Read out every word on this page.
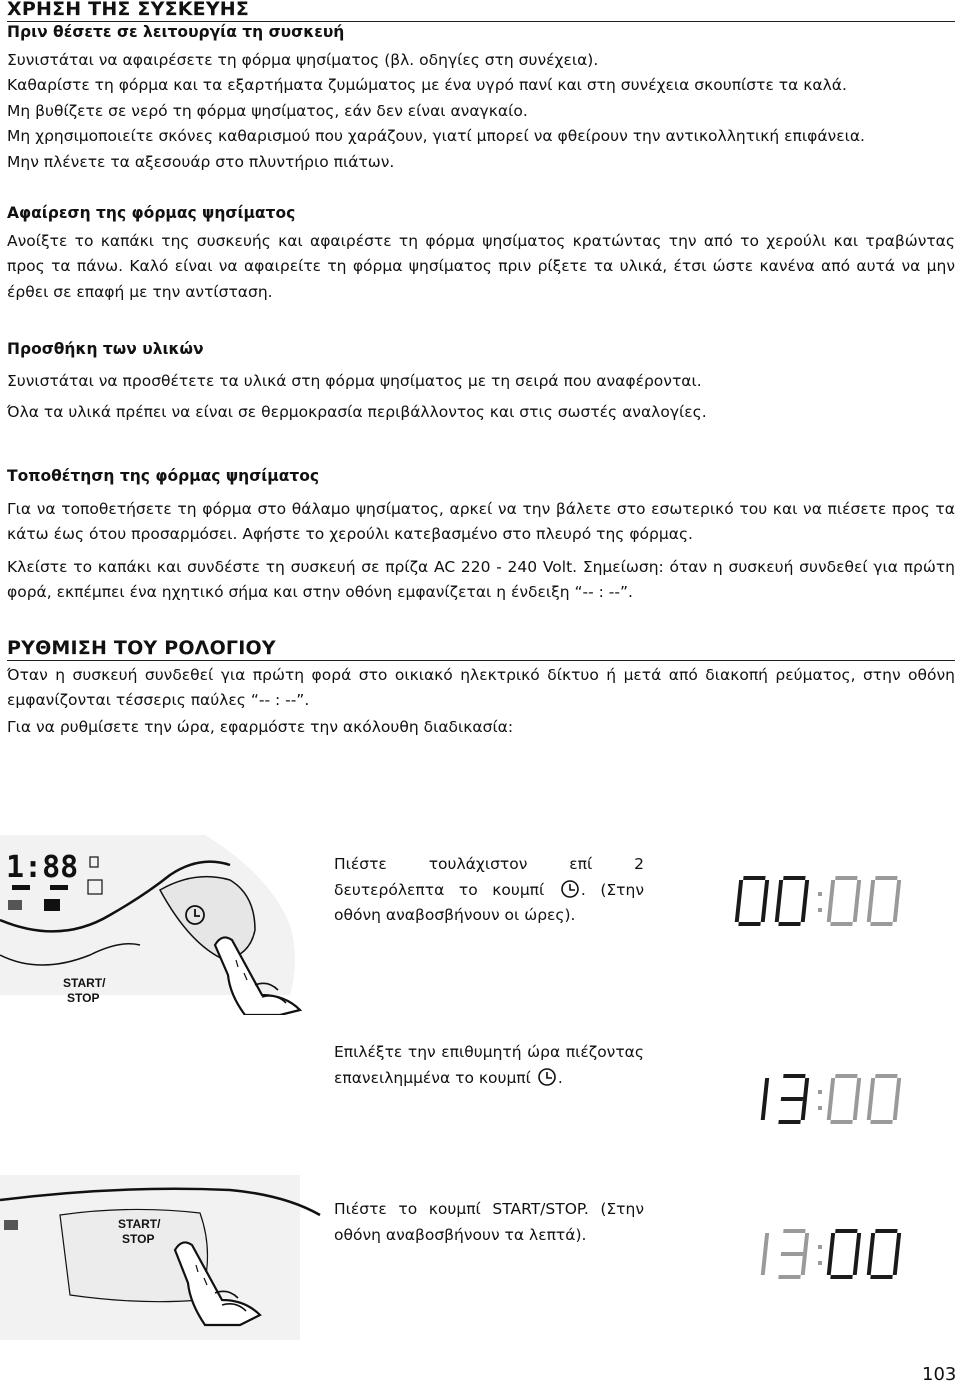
ΧΡΗΣΗ ΤΗΣ ΣΥΣΚΕΥΗΣ
Πριν θέσετε σε λειτουργία τη συσκευή
Συνιστάται να αφαιρέσετε τη φόρμα ψησίματος (βλ. οδηγίες στη συνέχεια).
Καθαρίστε τη φόρμα και τα εξαρτήματα ζυμώματος με ένα υγρό πανί και στη συνέχεια σκουπίστε τα καλά.
Μη βυθίζετε σε νερό τη φόρμα ψησίματος, εάν δεν είναι αναγκαίο.
Μη χρησιμοποιείτε σκόνες καθαρισμού που χαράζουν, γιατί μπορεί να φθείρουν την αντικολλητική επιφάνεια.
Μην πλένετε τα αξεσουάρ στο πλυντήριο πιάτων.
Αφαίρεση της φόρμας ψησίματος
Ανοίξτε το καπάκι της συσκευής και αφαιρέστε τη φόρμα ψησίματος κρατώντας την από το χερούλι και τραβώντας προς τα πάνω. Καλό είναι να αφαιρείτε τη φόρμα ψησίματος πριν ρίξετε τα υλικά, έτσι ώστε κανένα από αυτά να μην έρθει σε επαφή με την αντίσταση.
Προσθήκη των υλικών
Συνιστάται να προσθέτετε τα υλικά στη φόρμα ψησίματος με τη σειρά που αναφέρονται.
Όλα τα υλικά πρέπει να είναι σε θερμοκρασία περιβάλλοντος και στις σωστές αναλογίες.
Τοποθέτηση της φόρμας ψησίματος
Για να τοποθετήσετε τη φόρμα στο θάλαμο ψησίματος, αρκεί να την βάλετε στο εσωτερικό του και να πιέσετε προς τα κάτω έως ότου προσαρμόσει. Αφήστε το χερούλι κατεβασμένο στο πλευρό της φόρμας.
Κλείστε το καπάκι και συνδέστε τη συσκευή σε πρίζα AC 220 - 240 Volt. Σημείωση: όταν η συσκευή συνδεθεί για πρώτη φορά, εκπέμπει ένα ηχητικό σήμα και στην οθόνη εμφανίζεται η ένδειξη “-- : --”.
ΡΥΘΜΙΣΗ ΤΟΥ ΡΟΛΟΓΙΟΥ
Όταν η συσκευή συνδεθεί για πρώτη φορά στο οικιακό ηλεκτρικό δίκτυο ή μετά από διακοπή ρεύματος, στην οθόνη εμφανίζονται τέσσερις παύλες “-- : --”.
Για να ρυθμίσετε την ώρα, εφαρμόστε την ακόλουθη διαδικασία:
1:88
START/
STOP
START/
STOP
Πιέστε τουλάχιστον επί 2 δευτερόλεπτα το κουμπί . (Στην οθόνη αναβοσβήνουν οι ώρες).
Επιλέξτε την επιθυμητή ώρα πιέζοντας επανειλημμένα το κουμπί .
Πιέστε το κουμπί START/STOP. (Στην οθόνη αναβοσβήνουν τα λεπτά).
103
